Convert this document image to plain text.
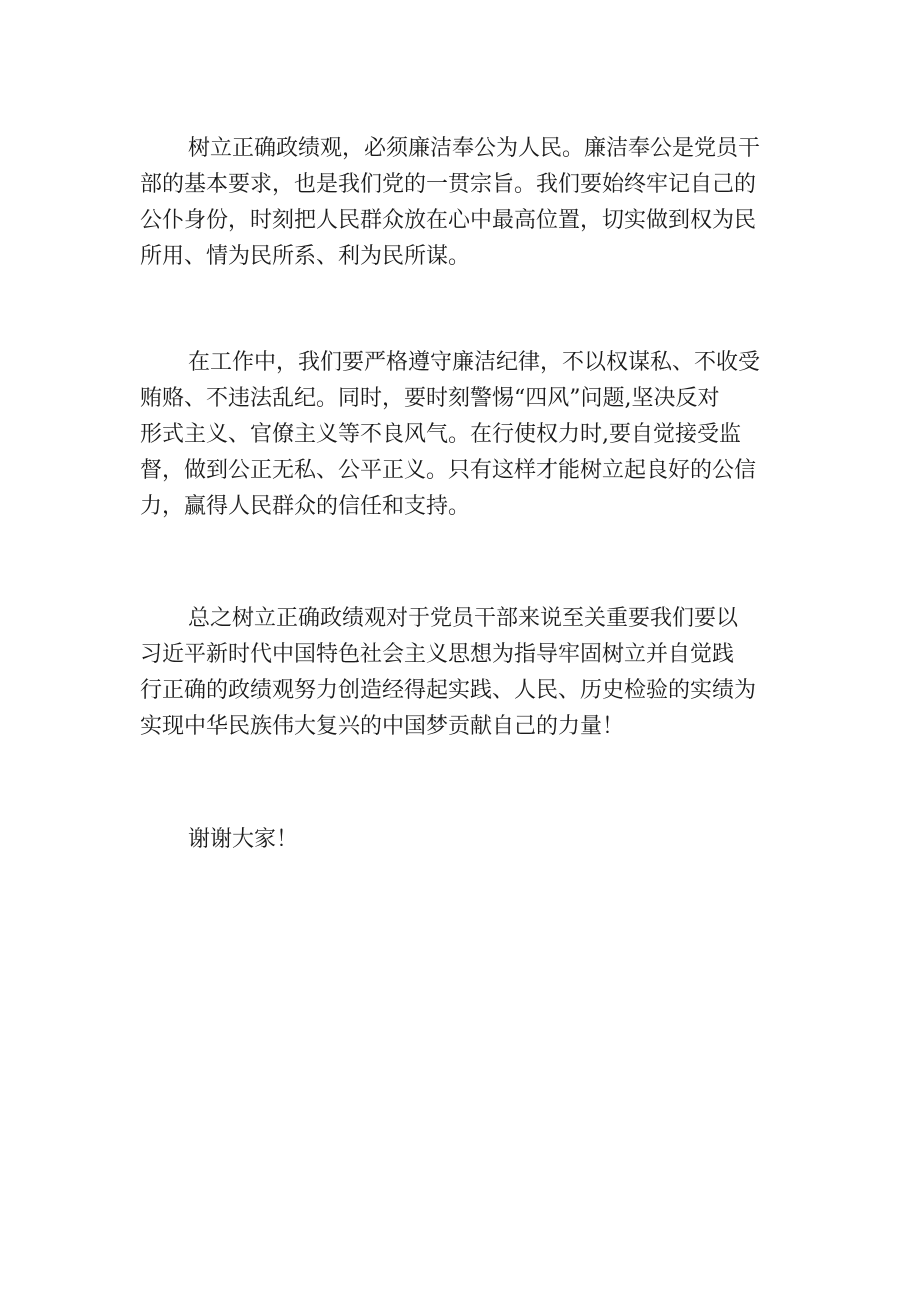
树立正确政绩观，必须廉洁奉公为人民。廉洁奉公是党员干
部的基本要求，也是我们党的一贯宗旨。我们要始终牢记自己的
公仆身份，时刻把人民群众放在心中最高位置，切实做到权为民
所用、情为民所系、利为民所谋。
在工作中，我们要严格遵守廉洁纪律，不以权谋私、不收受
贿赂、不违法乱纪。同时，要时刻警惕“四风”问题,坚决反对
形式主义、官僚主义等不良风气。在行使权力时,要自觉接受监
督，做到公正无私、公平正义。只有这样才能树立起良好的公信
力，赢得人民群众的信任和支持。
总之树立正确政绩观对于党员干部来说至关重要我们要以
习近平新时代中国特色社会主义思想为指导牢固树立并自觉践
行正确的政绩观努力创造经得起实践、人民、历史检验的实绩为
实现中华民族伟大复兴的中国梦贡献自己的力量！
谢谢大家！
